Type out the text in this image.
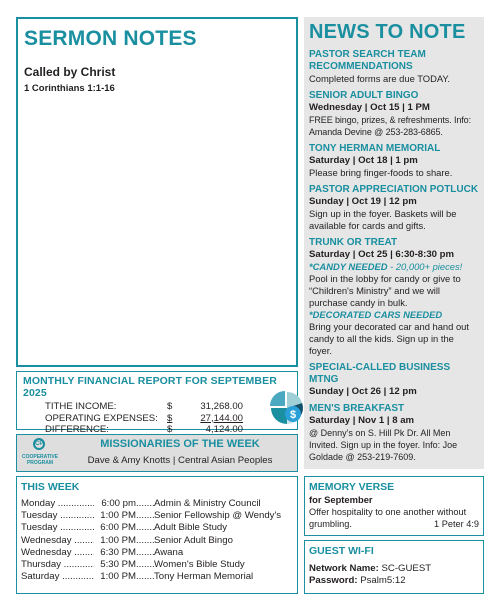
SERMON NOTES
Called by Christ
1 Corinthians 1:1-16
MONTHLY FINANCIAL REPORT FOR SEPTEMBER 2025
TITHE INCOME:	$	31,268.00
OPERATING EXPENSES:	$	27,144.00
DIFFERENCE:	$	4,124.00
$
CP
COOPERATIVE
PROGRAM
MISSIONARIES OF THE WEEK
Dave & Amy Knotts | Central Asian Peoples
THIS WEEK
Monday .....	6:00 pm ..... Admin & Ministry Council
Tuesday .....	1:00 PM ..... Senior Fellowship @ Wendy's
Tuesday .....	6:00 PM ..... Adult Bible Study
Wednesday .....	1:00 PM ..... Senior Adult Bingo
Wednesday .....	6:30 PM ..... Awana
Thursday .....	5:30 PM ..... Women's Bible Study
Saturday .....	1:00 PM ..... Tony Herman Memorial
NEWS TO NOTE
PASTOR SEARCH TEAM RECOMMENDATIONS
Completed forms are due TODAY.
SENIOR ADULT BINGO
Wednesday | Oct 15 | 1 PM
FREE bingo, prizes, & refreshments. Info: Amanda Devine @ 253-283-6865.
TONY HERMAN MEMORIAL
Saturday | Oct 18 | 1 pm
Please bring finger-foods to share.
PASTOR APPRECIATION POTLUCK
Sunday | Oct 19 | 12 pm
Sign up in the foyer. Baskets will be available for cards and gifts.
TRUNK OR TREAT
Saturday | Oct 25 | 6:30-8:30 pm
*CANDY NEEDED - 20,000+ pieces!
Pool in the lobby for candy or give to “Children's Ministry” and we will purchase candy in bulk.
*DECORATED CARS NEEDED
Bring your decorated car and hand out candy to all the kids. Sign up in the foyer.
SPECIAL-CALLED BUSINESS MTNG
Sunday | Oct 26 | 12 pm
MEN'S BREAKFAST
Saturday | Nov 1 | 8 am
@ Denny's on S. Hill Pk Dr. All Men Invited. Sign up in the foyer. Info: Joe Goldade @ 253-219-7609.
MEMORY VERSE
for September
Offer hospitality to one another without grumbling.	1 Peter 4:9
GUEST WI-FI
Network Name: SC-GUEST
Password: Psalm5:12
